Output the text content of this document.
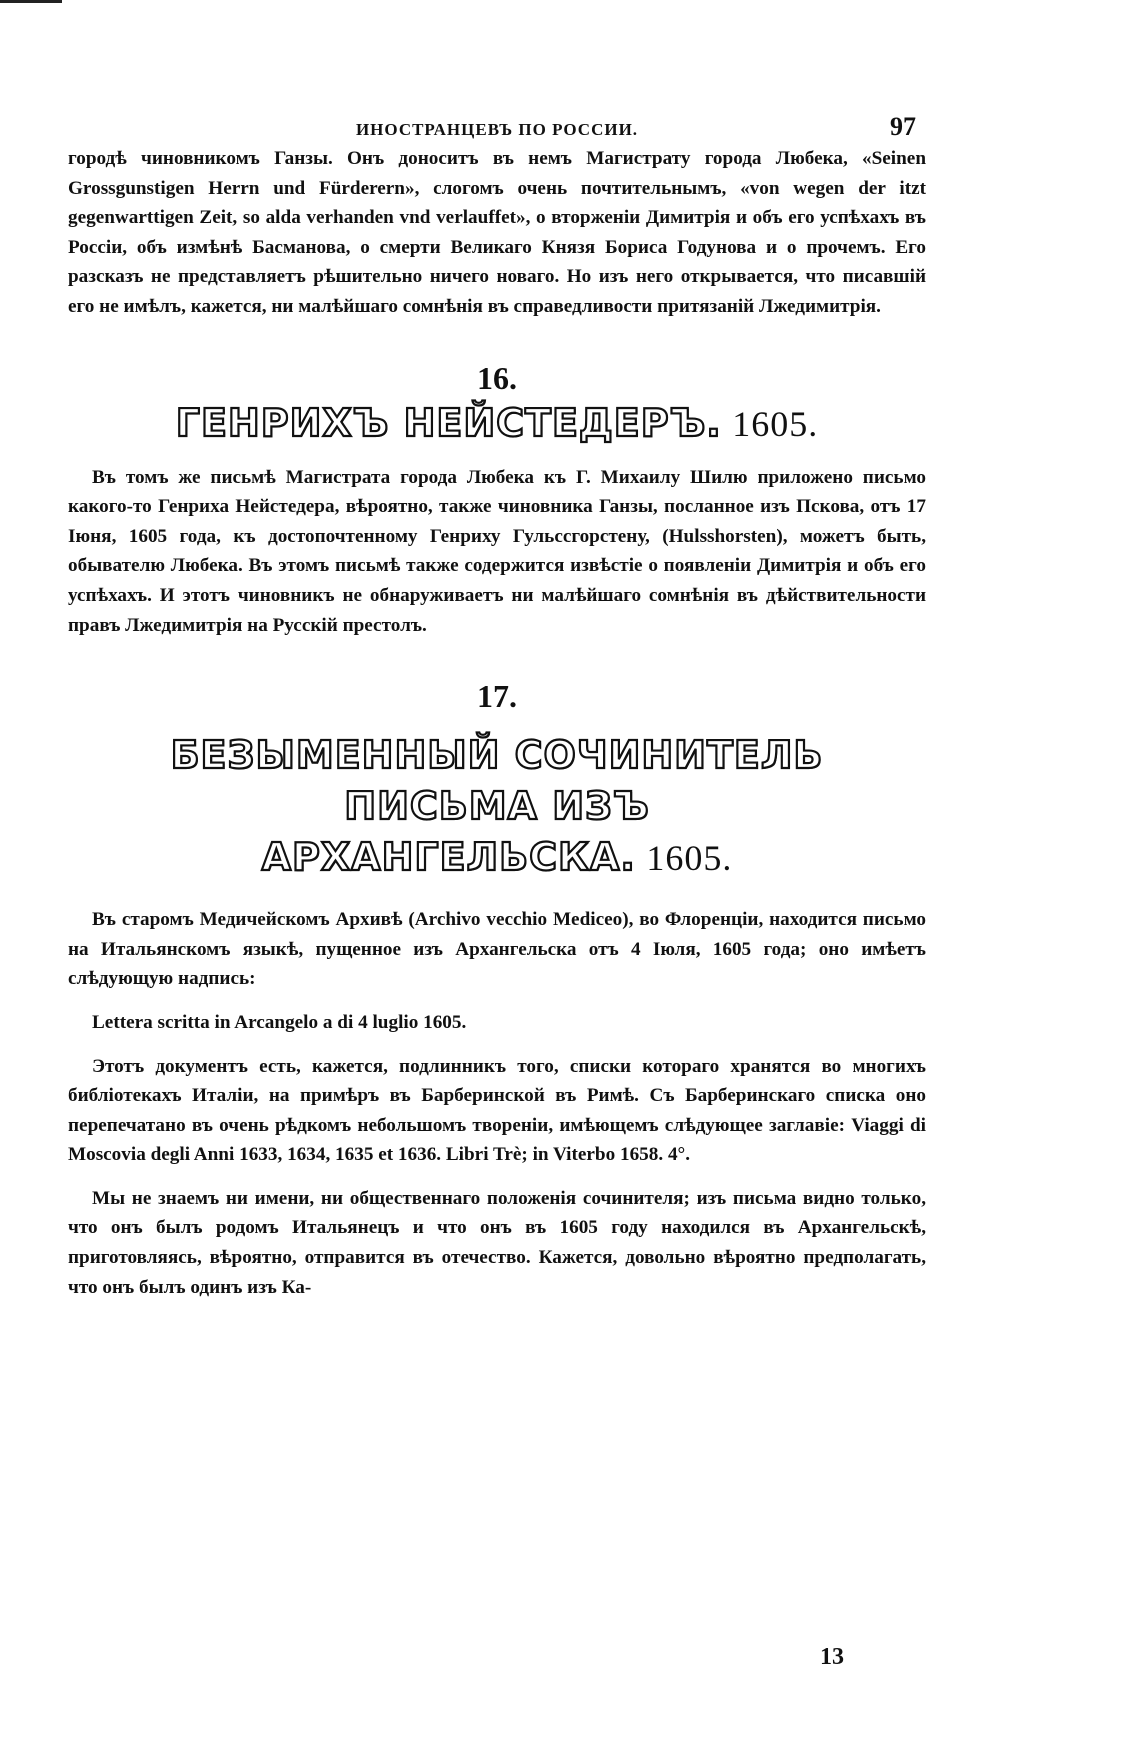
ИНОСТРАНЦЕВЪ ПО РОССИИ.	97

городѣ чиновникомъ Ганзы. Онъ доноситъ въ немъ Магистрату города Любека, «Seinen Grossgunstigen Herrn und Fürderern», слогомъ очень почтительнымъ, «von wegen der itzt gegenwarttigen Zeit, so alda verhanden vnd verlauffet», о вторженіи Димитрія и объ его успѣхахъ въ Россіи, объ измѣнѣ Басманова, о смерти Великаго Князя Бориса Годунова и о прочемъ. Его разсказъ не представляетъ рѣшительно ничего новаго. Но изъ него открывается, что писавшій его не имѣлъ, кажется, ни малѣйшаго сомнѣнія въ справедливости притязаній Лжедимитрія.

16.
ГЕНРИХЪ НЕЙСТЕДЕРЪ. 1605.

Въ томъ же письмѣ Магистрата города Любека къ Г. Михаилу Шилю приложено письмо какого-то Генриха Нейстедера, вѣроятно, также чиновника Ганзы, посланное изъ Пскова, отъ 17 Іюня, 1605 года, къ достопочтенному Генриху Гульссгорстену, (Hulsshorsten), можетъ быть, обывателю Любека. Въ этомъ письмѣ также содержится извѣстіе о появленіи Димитрія и объ его успѣхахъ. И этотъ чиновникъ не обнаруживаетъ ни малѣйшаго сомнѣнія въ дѣйствительности правъ Лжедимитрія на Русскій престолъ.

17.
БЕЗЫМЕННЫЙ СОЧИНИТЕЛЬ ПИСЬМА ИЗЪ
АРХАНГЕЛЬСКА. 1605.

Въ старомъ Медичейскомъ Архивѣ (Archivo vecchio Mediceo), во Флоренціи, находится письмо на Итальянскомъ языкѣ, пущенное изъ Архангельска отъ 4 Іюля, 1605 года; оно имѣетъ слѣдующую надпись:

Lettera scritta in Arcangelo a di 4 luglio 1605.

Этотъ документъ есть, кажется, подлинникъ того, списки котораго хранятся во многихъ библіотекахъ Италіи, на примѣръ въ Барберинской въ Римѣ. Съ Барберинскаго списка оно перепечатано въ очень рѣдкомъ небольшомъ твореніи, имѣющемъ слѣдующее заглавіе: Viaggi di Moscovia degli Anni 1633, 1634, 1635 et 1636. Libri Trè; in Viterbo 1658. 4°.

Мы не знаемъ ни имени, ни общественнаго положенія сочинителя; изъ письма видно только, что онъ былъ родомъ Итальянецъ и что онъ въ 1605 году находился въ Архангельскѣ, приготовляясь, вѣроятно, отправится въ отечество. Кажется, довольно вѣроятно предполагать, что онъ былъ одинъ изъ Ка-

13
